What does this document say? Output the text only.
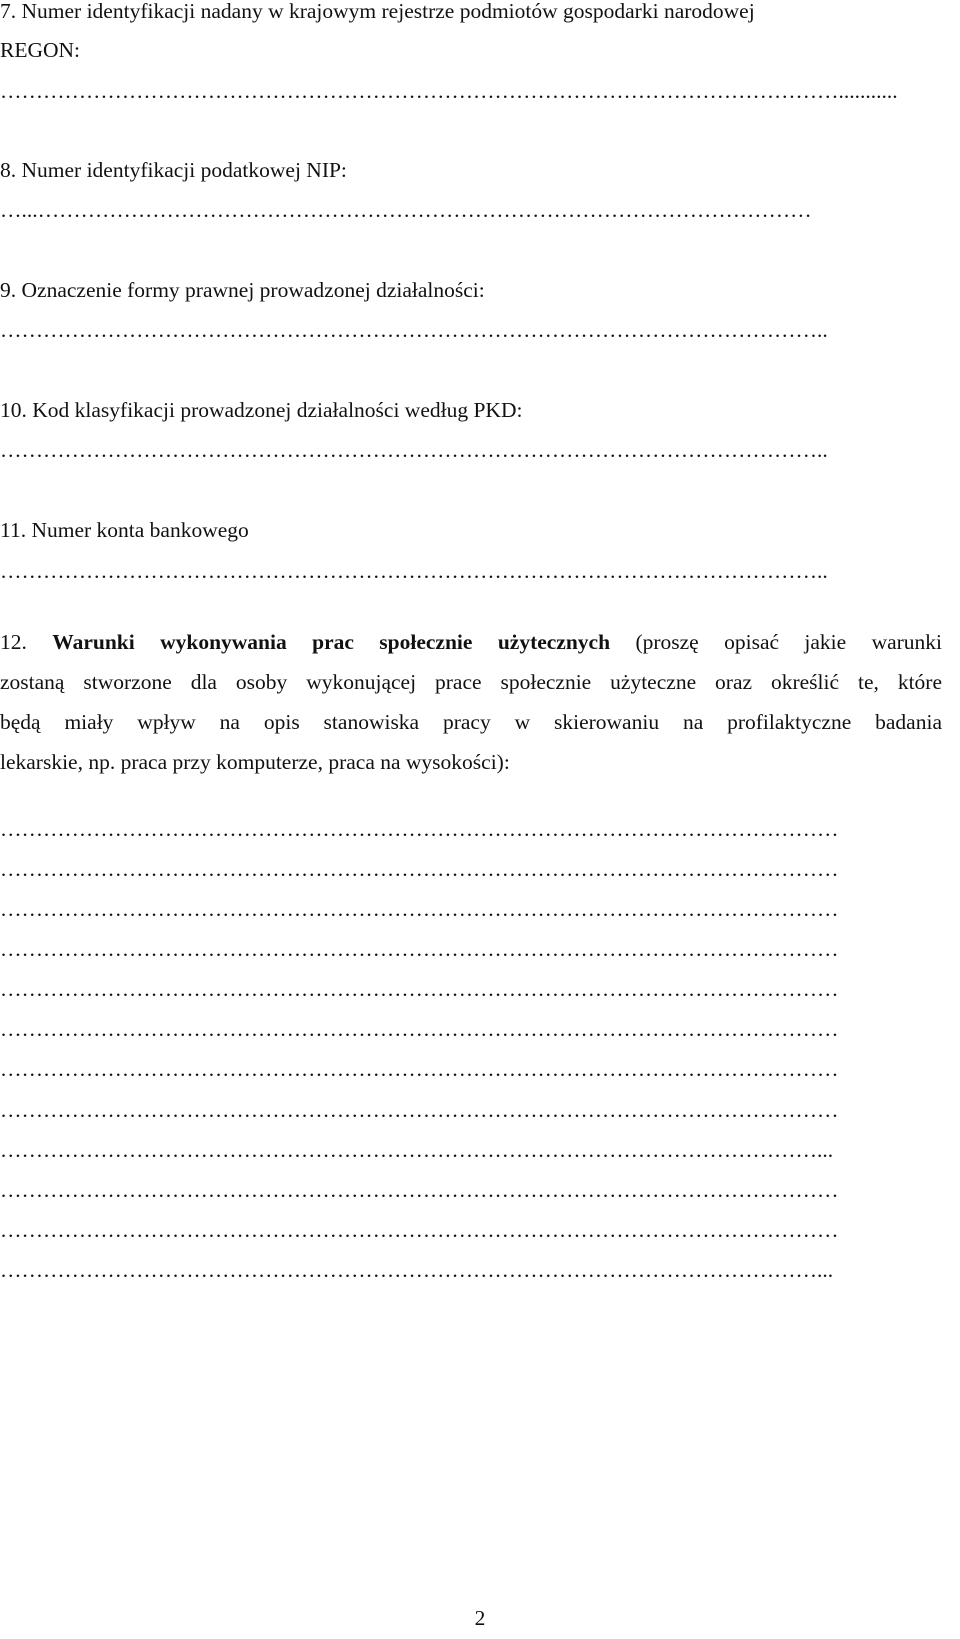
7. Numer identyfikacji nadany w krajowym rejestrze podmiotów gospodarki narodowej
REGON:
………………………………………………………………………………………………………...........
8. Numer identyfikacji podatkowej NIP:
…...………………………………………………………………………………………………
9. Oznaczenie formy prawnej prowadzonej działalności:
……………………………………………………………………………………………………..
10. Kod klasyfikacji prowadzonej działalności według PKD:
……………………………………………………………………………………………………..
11. Numer konta bankowego
……………………………………………………………………………………………………..
12. Warunki wykonywania prac społecznie użytecznych (proszę opisać jakie warunki
zostaną stworzone dla osoby wykonującej prace społecznie użyteczne oraz określić te, które
będą miały wpływ na opis stanowiska pracy w skierowaniu na profilaktyczne badania
lekarskie, np. praca przy komputerze, praca na wysokości):
………………………………………………………………………………………………………
………………………………………………………………………………………………………
………………………………………………………………………………………………………
………………………………………………………………………………………………………
………………………………………………………………………………………………………
………………………………………………………………………………………………………
………………………………………………………………………………………………………
………………………………………………………………………………………………………
……………………………………………………………………………………………………...
………………………………………………………………………………………………………
………………………………………………………………………………………………………
……………………………………………………………………………………………………...
2
